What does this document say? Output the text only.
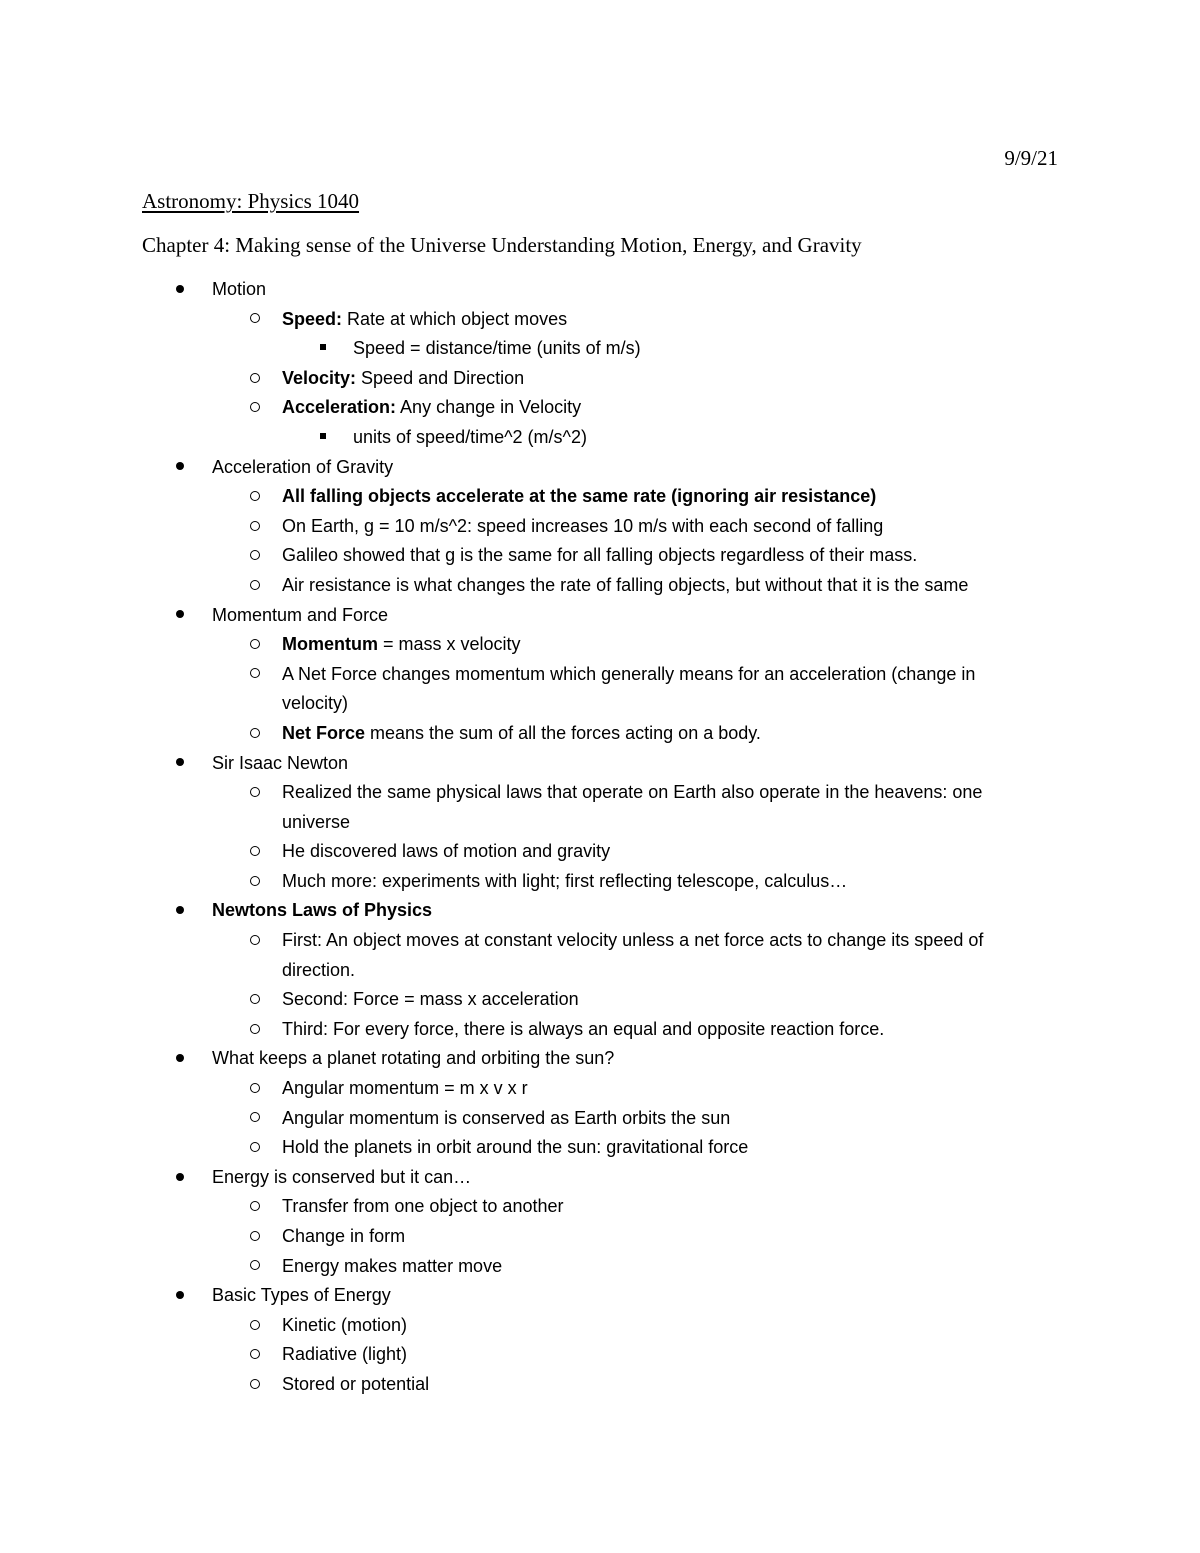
9/9/21
Astronomy: Physics 1040
Chapter 4: Making sense of the Universe Understanding Motion, Energy, and Gravity
Motion
Speed: Rate at which object moves
Speed = distance/time (units of m/s)
Velocity: Speed and Direction
Acceleration: Any change in Velocity
units of speed/time^2 (m/s^2)
Acceleration of Gravity
All falling objects accelerate at the same rate (ignoring air resistance)
On Earth, g = 10 m/s^2: speed increases 10 m/s with each second of falling
Galileo showed that g is the same for all falling objects regardless of their mass.
Air resistance is what changes the rate of falling objects, but without that it is the same
Momentum and Force
Momentum = mass x velocity
A Net Force changes momentum which generally means for an acceleration (change in
velocity)
Net Force means the sum of all the forces acting on a body.
Sir Isaac Newton
Realized the same physical laws that operate on Earth also operate in the heavens: one
universe
He discovered laws of motion and gravity
Much more: experiments with light; first reflecting telescope, calculus…
Newtons Laws of Physics
First: An object moves at constant velocity unless a net force acts to change its speed of
direction.
Second: Force = mass x acceleration
Third: For every force, there is always an equal and opposite reaction force.
What keeps a planet rotating and orbiting the sun?
Angular momentum = m x v x r
Angular momentum is conserved as Earth orbits the sun
Hold the planets in orbit around the sun: gravitational force
Energy is conserved but it can…
Transfer from one object to another
Change in form
Energy makes matter move
Basic Types of Energy
Kinetic (motion)
Radiative (light)
Stored or potential
